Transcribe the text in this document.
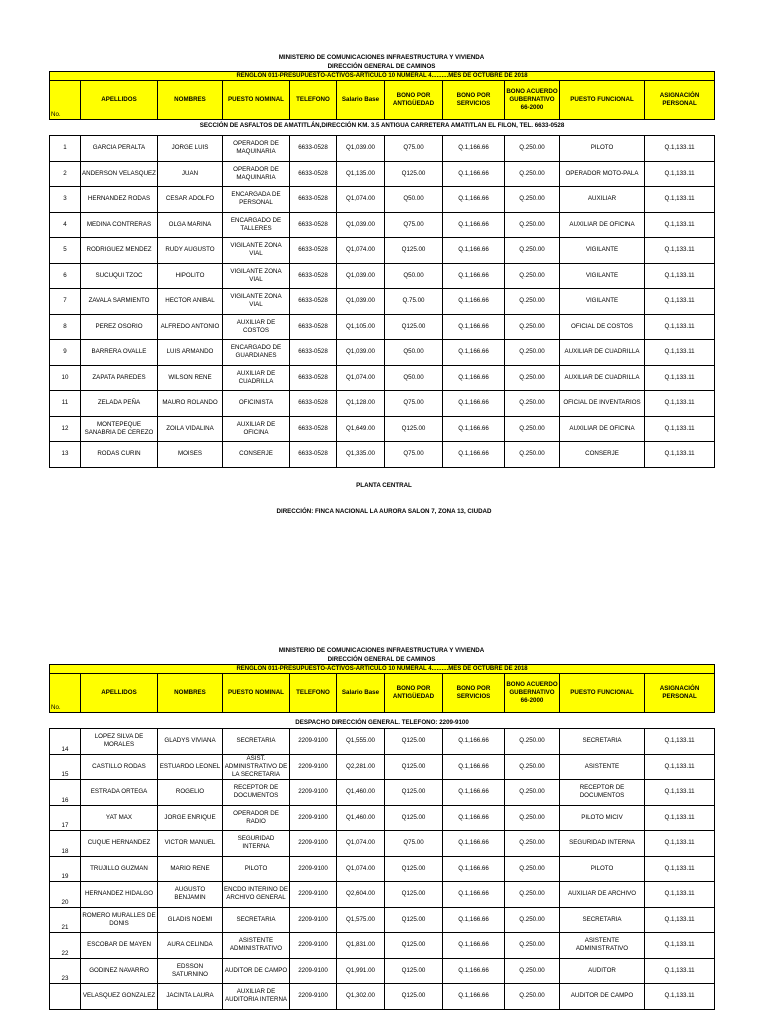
MINISTERIO DE COMUNICACIONES INFRAESTRUCTURA Y VIVIENDA
DIRECCIÓN GENERAL DE CAMINOS
RENGLON 011-PRESUPUESTO-ACTIVOS-ARTICULO 10 NUMERAL 4..........MES DE OCTUBRE DE 2018										
No.	APELLIDOS	NOMBRES	PUESTO NOMINAL	TELEFONO	Salario Base	BONO POR ANTIGÜEDAD	BONO POR SERVICIOS	BONO ACUERDO GUBERNATIVO 66-2000	PUESTO FUNCIONAL	ASIGNACIÓN PERSONAL
SECCIÓN DE ASFALTOS DE AMATITLÁN,DIRECCIÓN KM. 3.5 ANTIGUA CARRETERA AMATITLAN EL FILON, TEL. 6633-0528										

1	GARCIA PERALTA	JORGE LUIS	OPERADOR DE MAQUINARIA	6633-0528	Q1,039.00	Q75.00	Q.1,166.66	Q.250.00	PILOTO	Q.1,133.11
2	ANDERSON VELASQUEZ	JUAN	OPERADOR DE MAQUINARIA	6633-0528	Q1,135.00	Q125.00	Q.1,166.66	Q.250.00	OPERADOR MOTO-PALA	Q.1,133.11
3	HERNANDEZ RODAS	CESAR ADOLFO	ENCARGADA DE PERSONAL	6633-0528	Q1,074.00	Q50.00	Q.1,166.66	Q.250.00	AUXILIAR	Q.1,133.11
4	MEDINA CONTRERAS	OLGA MARINA	ENCARGADO DE TALLERES	6633-0528	Q1,039.00	Q75.00	Q.1,166.66	Q.250.00	AUXILIAR DE OFICINA	Q.1,133.11
5	RODRIGUEZ MENDEZ	RUDY AUGUSTO	VIGILANTE ZONA VIAL	6633-0528	Q1,074.00	Q125.00	Q.1,166.66	Q.250.00	VIGILANTE	Q.1,133.11
6	SUCUQUI TZOC	HIPOLITO	VIGILANTE ZONA VIAL	6633-0528	Q1,039.00	Q50.00	Q.1,166.66	Q.250.00	VIGILANTE	Q.1,133.11
7	ZAVALA SARMIENTO	HECTOR ANIBAL	VIGILANTE ZONA VIAL	6633-0528	Q1,039.00	Q.75.00	Q.1,166.66	Q.250.00	VIGILANTE	Q.1,133.11
8	PEREZ OSORIO	ALFREDO ANTONIO	AUXILIAR DE COSTOS	6633-0528	Q1,105.00	Q125.00	Q.1,166.66	Q.250.00	OFICIAL DE COSTOS	Q.1,133.11
9	BARRERA OVALLE	LUIS ARMANDO	ENCARGADO DE GUARDIANES	6633-0528	Q1,039.00	Q50.00	Q.1,166.66	Q.250.00	AUXILIAR DE CUADRILLA	Q.1,133.11
10	ZAPATA PAREDES	WILSON RENE	AUXILIAR DE CUADRILLA	6633-0528	Q1,074.00	Q50.00	Q.1,166.66	Q.250.00	AUXILIAR DE CUADRILLA	Q.1,133.11
11	ZELADA PEÑA	MAURO ROLANDO	OFICINISTA	6633-0528	Q1,128.00	Q75.00	Q.1,166.66	Q.250.00	OFICIAL DE INVENTARIOS	Q.1,133.11
12	MONTEPEQUE SANABRIA DE CEREZO	ZOILA VIDALINA	AUXILIAR DE OFICINA	6633-0528	Q1,649.00	Q125.00	Q.1,166.66	Q.250.00	AUXILIAR DE OFICINA	Q.1,133.11
13	RODAS CURIN	MOISES	CONSERJE	6633-0528	Q1,335.00	Q75.00	Q.1,166.66	Q.250.00	CONSERJE	Q.1,133.11
PLANTA CENTRAL
DIRECCIÓN: FINCA NACIONAL LA AURORA SALON 7, ZONA 13, CIUDAD
MINISTERIO DE COMUNICACIONES INFRAESTRUCTURA Y VIVIENDA
DIRECCIÓN GENERAL DE CAMINOS
RENGLON 011-PRESUPUESTO-ACTIVOS-ARTICULO 10 NUMERAL 4..........MES DE OCTUBRE DE 2018										
No.	APELLIDOS	NOMBRES	PUESTO NOMINAL	TELEFONO	Salario Base	BONO POR ANTIGÜEDAD	BONO POR SERVICIOS	BONO ACUERDO GUBERNATIVO 66-2000	PUESTO FUNCIONAL	ASIGNACIÓN PERSONAL

DESPACHO DIRECCIÓN GENERAL. TELEFONO: 2209-9100										
14	LOPEZ SILVA DE MORALES	GLADYS VIVIANA	SECRETARIA	2209-9100	Q1,555.00	Q125.00	Q.1,166.66	Q.250.00	SECRETARIA	Q.1,133.11
15	CASTILLO RODAS	ESTUARDO LEONEL	ASIST. ADMINISTRATIVO DE LA SECRETARIA	2209-9100	Q2,281.00	Q125.00	Q.1,166.66	Q.250.00	ASISTENTE	Q.1,133.11
16	ESTRADA ORTEGA	ROGELIO	RECEPTOR DE DOCUMENTOS	2209-9100	Q1,460.00	Q125.00	Q.1,166.66	Q.250.00	RECEPTOR DE DOCUMENTOS	Q.1,133.11
17	YAT MAX	JORGE ENRIQUE	OPERADOR DE RADIO	2209-9100	Q1,460.00	Q125.00	Q.1,166.66	Q.250.00	PILOTO MICIV	Q.1,133.11
18	CUQUE HERNANDEZ	VICTOR MANUEL	SEGURIDAD INTERNA	2209-9100	Q1,074.00	Q75.00	Q.1,166.66	Q.250.00	SEGURIDAD INTERNA	Q.1,133.11
19	TRUJILLO GUZMAN	MARIO RENE	PILOTO	2209-9100	Q1,074.00	Q125.00	Q.1,166.66	Q.250.00	PILOTO	Q.1,133.11
20	HERNANDEZ HIDALGO	AUGUSTO BENJAMIN	ENCDO INTERINO DE ARCHIVO GENERAL	2209-9100	Q2,604.00	Q125.00	Q.1,166.66	Q.250.00	AUXILIAR DE ARCHIVO	Q.1,133.11
21	ROMERO MURALLES DE DONIS	GLADIS NOEMI	SECRETARIA	2209-9100	Q1,575.00	Q125.00	Q.1,166.66	Q.250.00	SECRETARIA	Q.1,133.11
22	ESCOBAR DE MAYEN	AURA CELINDA	ASISTENTE ADMINISTRATIVO	2209-9100	Q1,831.00	Q125.00	Q.1,166.66	Q.250.00	ASISTENTE ADMINISTRATIVO	Q.1,133.11
23	GODINEZ NAVARRO	EDSSON SATURNINO	AUDITOR DE CAMPO	2209-9100	Q1,991.00	Q125.00	Q.1,166.66	Q.250.00	AUDITOR	Q.1,133.11
	VELASQUEZ GONZALEZ	JACINTA LAURA	AUXILIAR DE AUDITORIA INTERNA	2209-9100	Q1,302.00	Q125.00	Q.1,166.66	Q.250.00	AUDITOR DE CAMPO	Q.1,133.11
